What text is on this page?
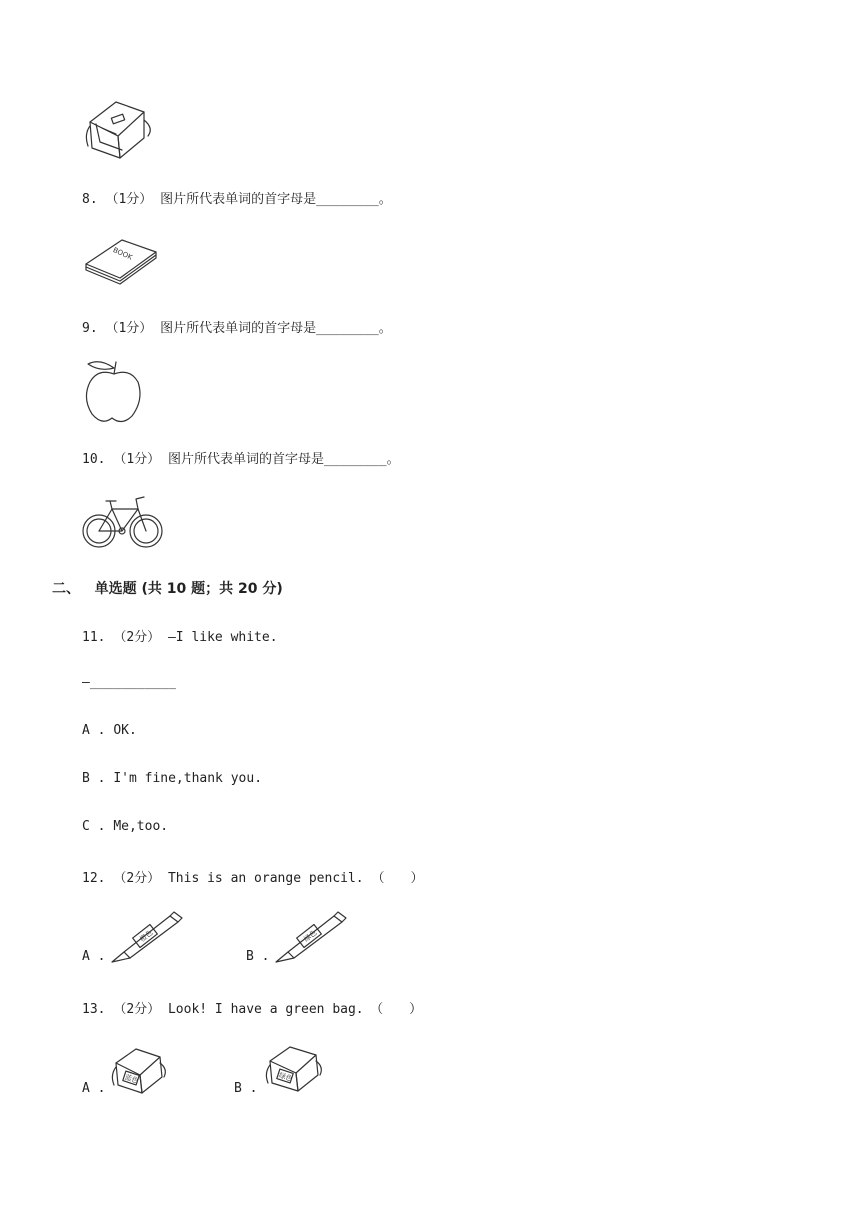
8. （1分） 图片所代表单词的首字母是________。
BOOK
9. （1分） 图片所代表单词的首字母是________。
10. （1分） 图片所代表单词的首字母是________。
二、 单选题 (共 10 题；共 20 分)
11. （2分） —I like white.
—___________
A . OK.
B . I'm fine,thank you.
C . Me,too.
12. （2分） This is an orange pencil. （　　）
A .
橙色
B .
绿色
13. （2分） Look! I have a green bag.　（　　）
A .
蓝色
B .
绿色
